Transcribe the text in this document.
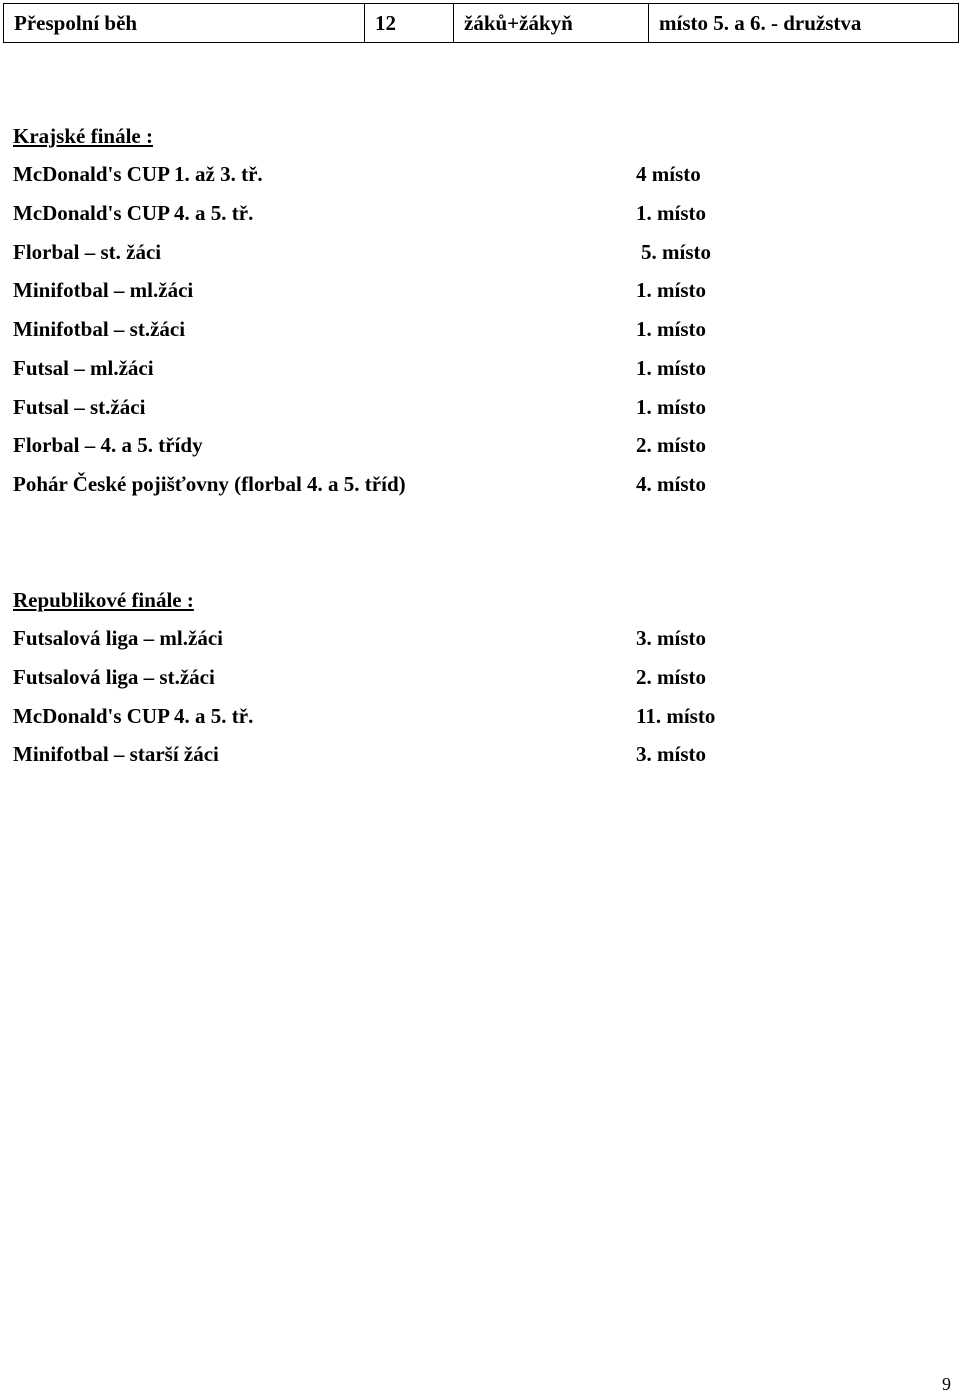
Přespolní běh	12	žáků+žákyň	místo 5. a 6. - družstva
Krajské finále :
McDonald's CUP 1. až 3. tř.	4 místo
McDonald's CUP 4. a 5. tř.	1. místo
Florbal – st. žáci	5. místo
Minifotbal – ml.žáci	1. místo
Minifotbal – st.žáci	1. místo
Futsal – ml.žáci	1. místo
Futsal – st.žáci	1. místo
Florbal – 4. a 5. třídy	2. místo
Pohár České pojišťovny (florbal 4. a 5. tříd)	4. místo
Republikové finále :
Futsalová liga – ml.žáci	3. místo
Futsalová liga – st.žáci	2. místo
McDonald's CUP 4. a 5. tř.	11. místo
Minifotbal – starší žáci	3. místo
9
